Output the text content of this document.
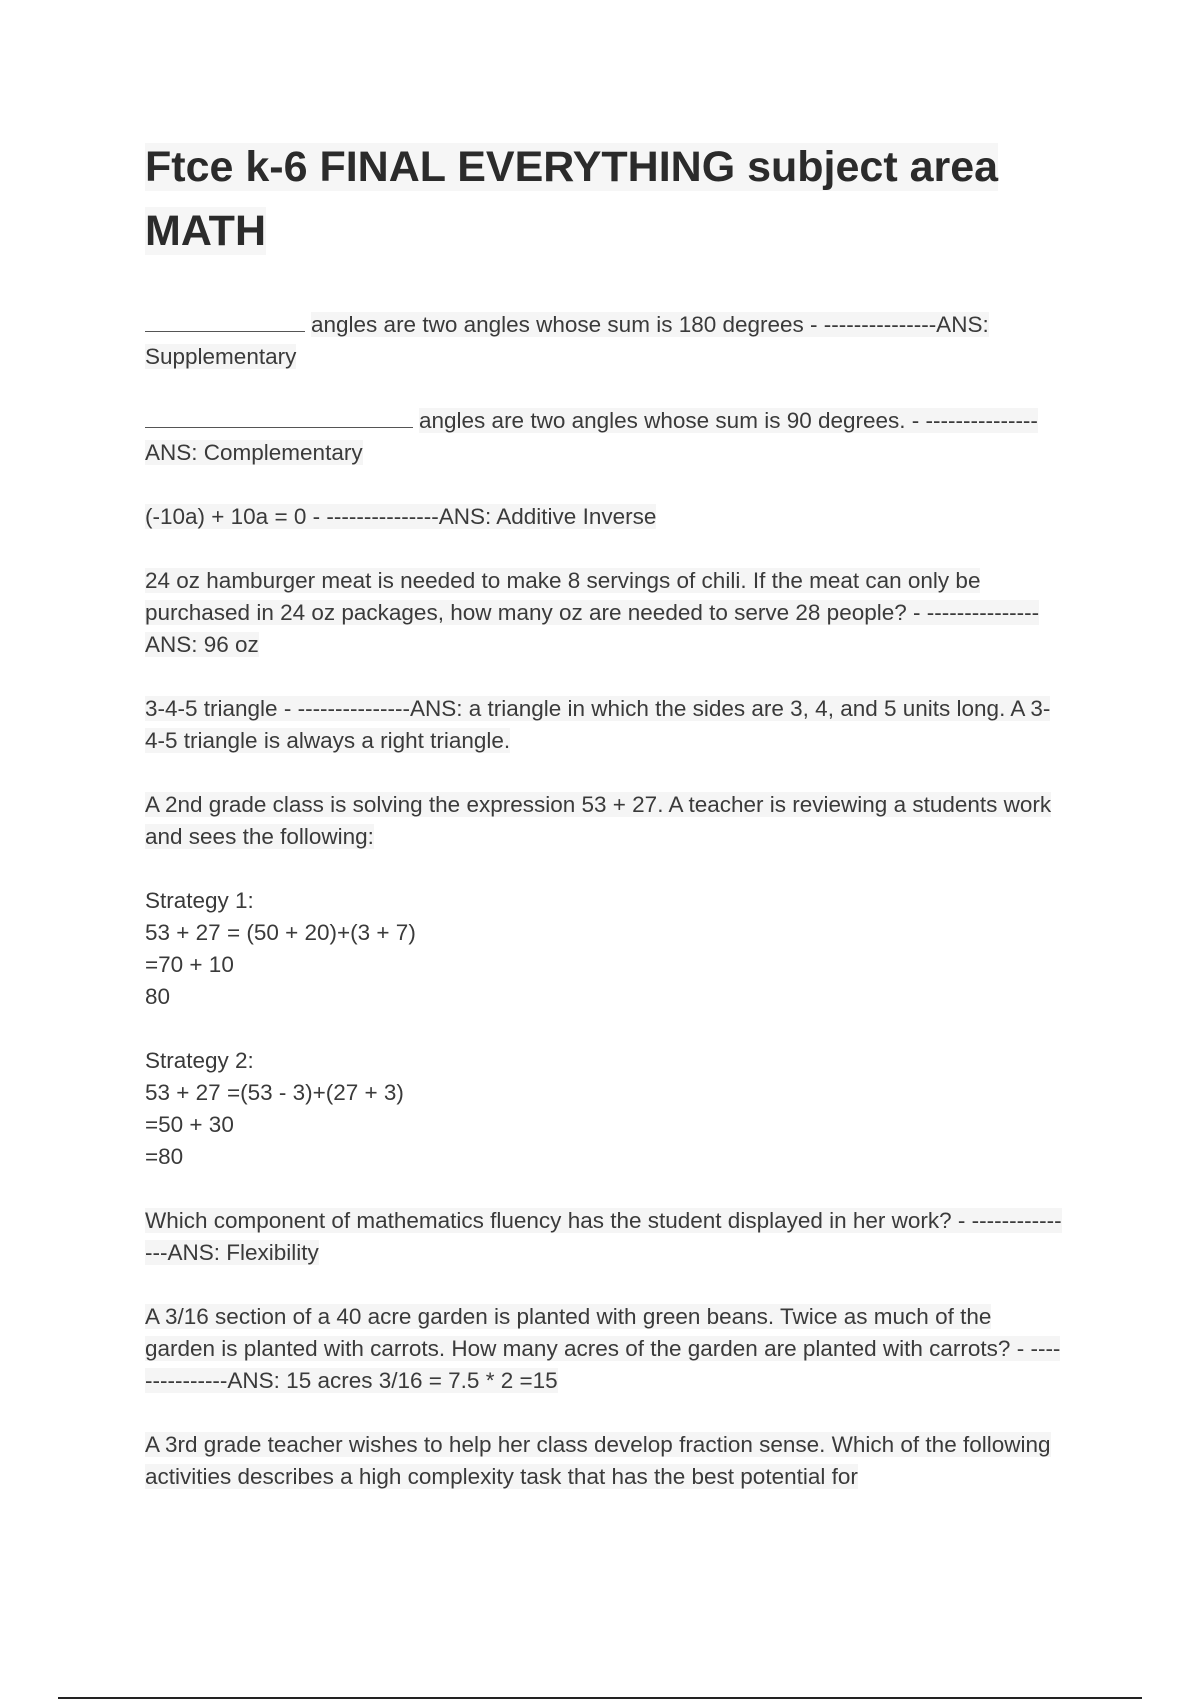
Ftce k-6 FINAL EVERYTHING subject area MATH

angles are two angles whose sum is 180 degrees - ---------------ANS: Supplementary

angles are two angles whose sum is 90 degrees. - ---------------ANS: Complementary

(-10a) + 10a = 0 - ---------------ANS: Additive Inverse

24 oz hamburger meat is needed to make 8 servings of chili. If the meat can only be purchased in 24 oz packages, how many oz are needed to serve 28 people? - ---------------ANS: 96 oz

3-4-5 triangle - ---------------ANS: a triangle in which the sides are 3, 4, and 5 units long. A 3-4-5 triangle is always a right triangle.

A 2nd grade class is solving the expression 53 + 27. A teacher is reviewing a students work and sees the following:

Strategy 1:
53 + 27 = (50 + 20)+(3 + 7)
=70 + 10
80
Strategy 2:
53 + 27 =(53 - 3)+(27 + 3)
=50 + 30
=80

Which component of mathematics fluency has the student displayed in her work? - ---------------ANS: Flexibility

A 3/16 section of a 40 acre garden is planted with green beans. Twice as much of the garden is planted with carrots. How many acres of the garden are planted with carrots? - ---------------ANS: 15 acres 3/16 = 7.5 * 2 =15

A 3rd grade teacher wishes to help her class develop fraction sense. Which of the following activities describes a high complexity task that has the best potential for
